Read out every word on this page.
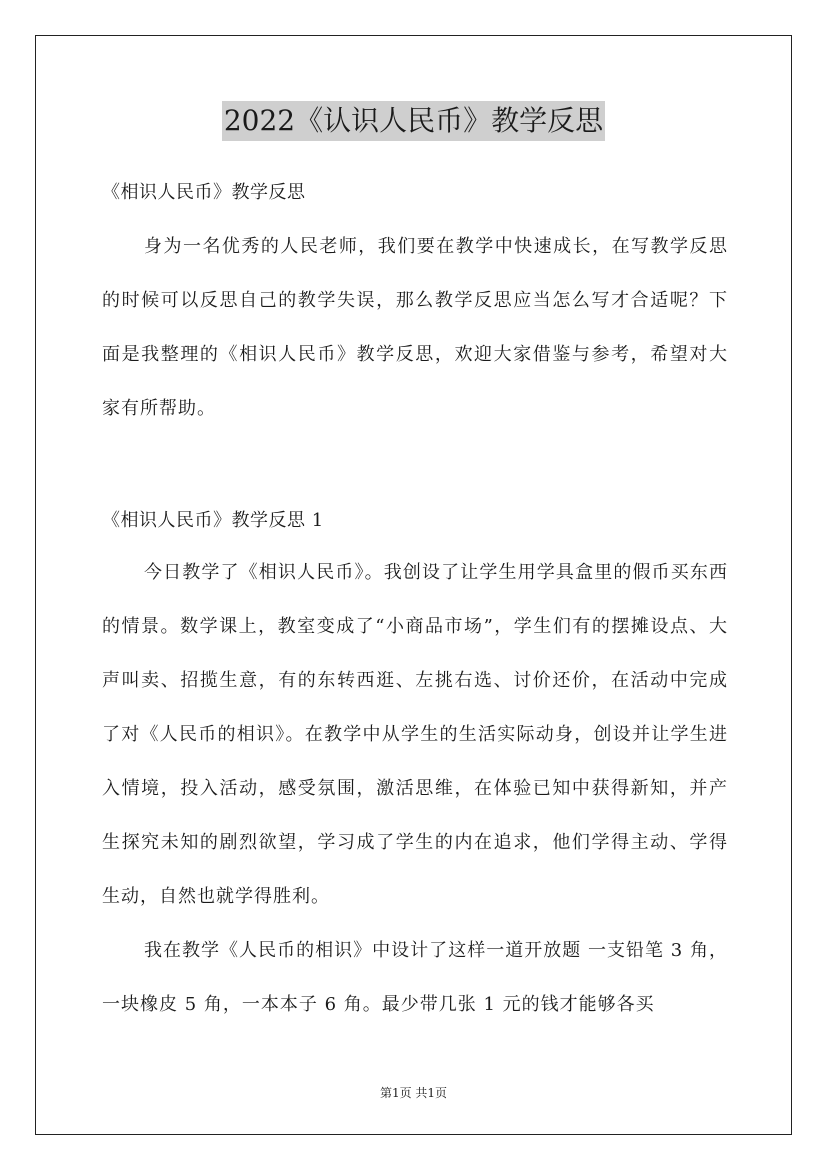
2022《认识人民币》教学反思
《相识人民币》教学反思
身为一名优秀的人民老师，我们要在教学中快速成长，在写教学反思的时候可以反思自己的教学失误，那么教学反思应当怎么写才合适呢？下面是我整理的《相识人民币》教学反思，欢迎大家借鉴与参考，希望对大家有所帮助。
《相识人民币》教学反思 1
今日教学了《相识人民币》。我创设了让学生用学具盒里的假币买东西的情景。数学课上，教室变成了“小商品市场”，学生们有的摆摊设点、大声叫卖、招揽生意，有的东转西逛、左挑右选、讨价还价，在活动中完成了对《人民币的相识》。在教学中从学生的生活实际动身，创设并让学生进入情境，投入活动，感受氛围，激活思维，在体验已知中获得新知，并产生探究未知的剧烈欲望，学习成了学生的内在追求，他们学得主动、学得生动，自然也就学得胜利。
我在教学《人民币的相识》中设计了这样一道开放题 一支铅笔 3 角，一块橡皮 5 角，一本本子 6 角。最少带几张 1 元的钱才能够各买
第1页 共1页
